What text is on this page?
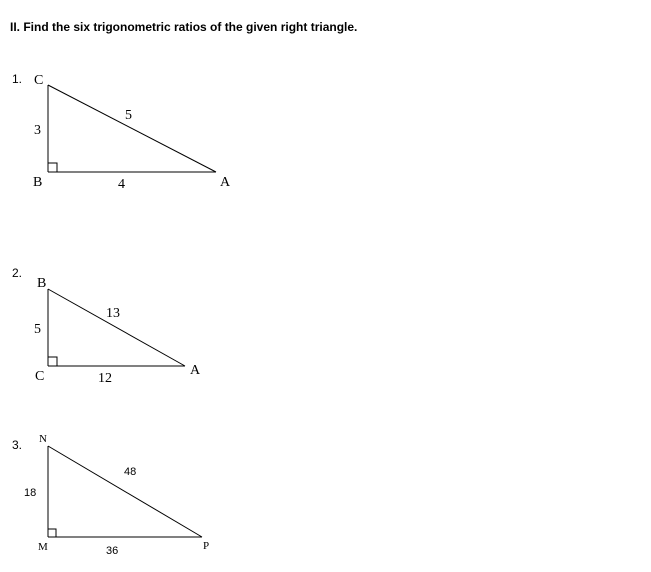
II. Find the six trigonometric ratios of the given right triangle.
1.
2.
3.
C
B	A
3
4
5
B
C	A
5
12
13
N
M	P
18
36
48
